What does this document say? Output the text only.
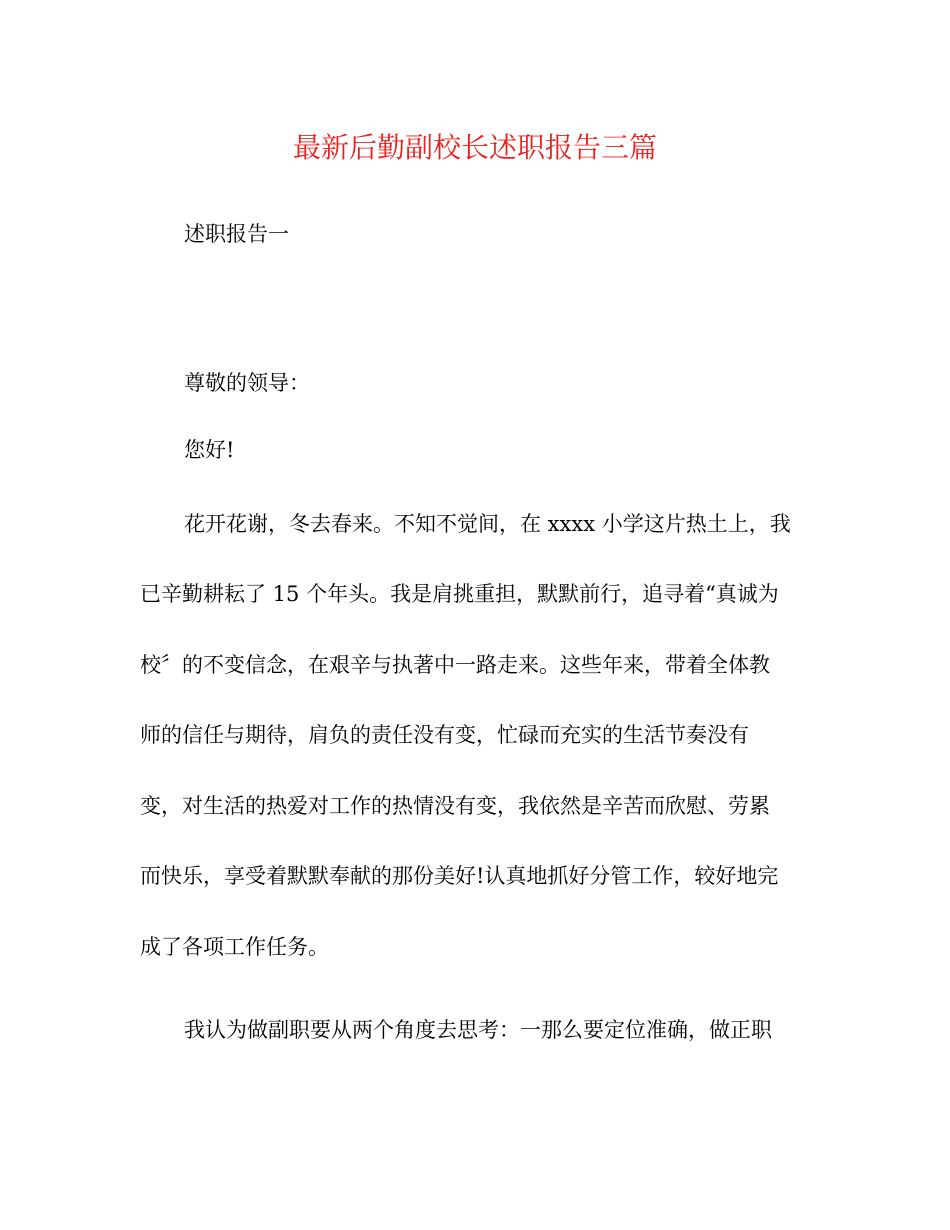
最新后勤副校长述职报告三篇
述职报告一
尊敬的领导：
您好!
花开花谢，冬去春来。不知不觉间，在 xxxx 小学这片热土上，我
已辛勤耕耘了 15 个年头。我是肩挑重担，默默前行，追寻着“真诚为
校〞的不变信念，在艰辛与执著中一路走来。这些年来，带着全体教
师的信任与期待，肩负的责任没有变，忙碌而充实的生活节奏没有
变，对生活的热爱对工作的热情没有变，我依然是辛苦而欣慰、劳累
而快乐，享受着默默奉献的那份美好!认真地抓好分管工作，较好地完
成了各项工作任务。
我认为做副职要从两个角度去思考：一那么要定位准确，做正职
